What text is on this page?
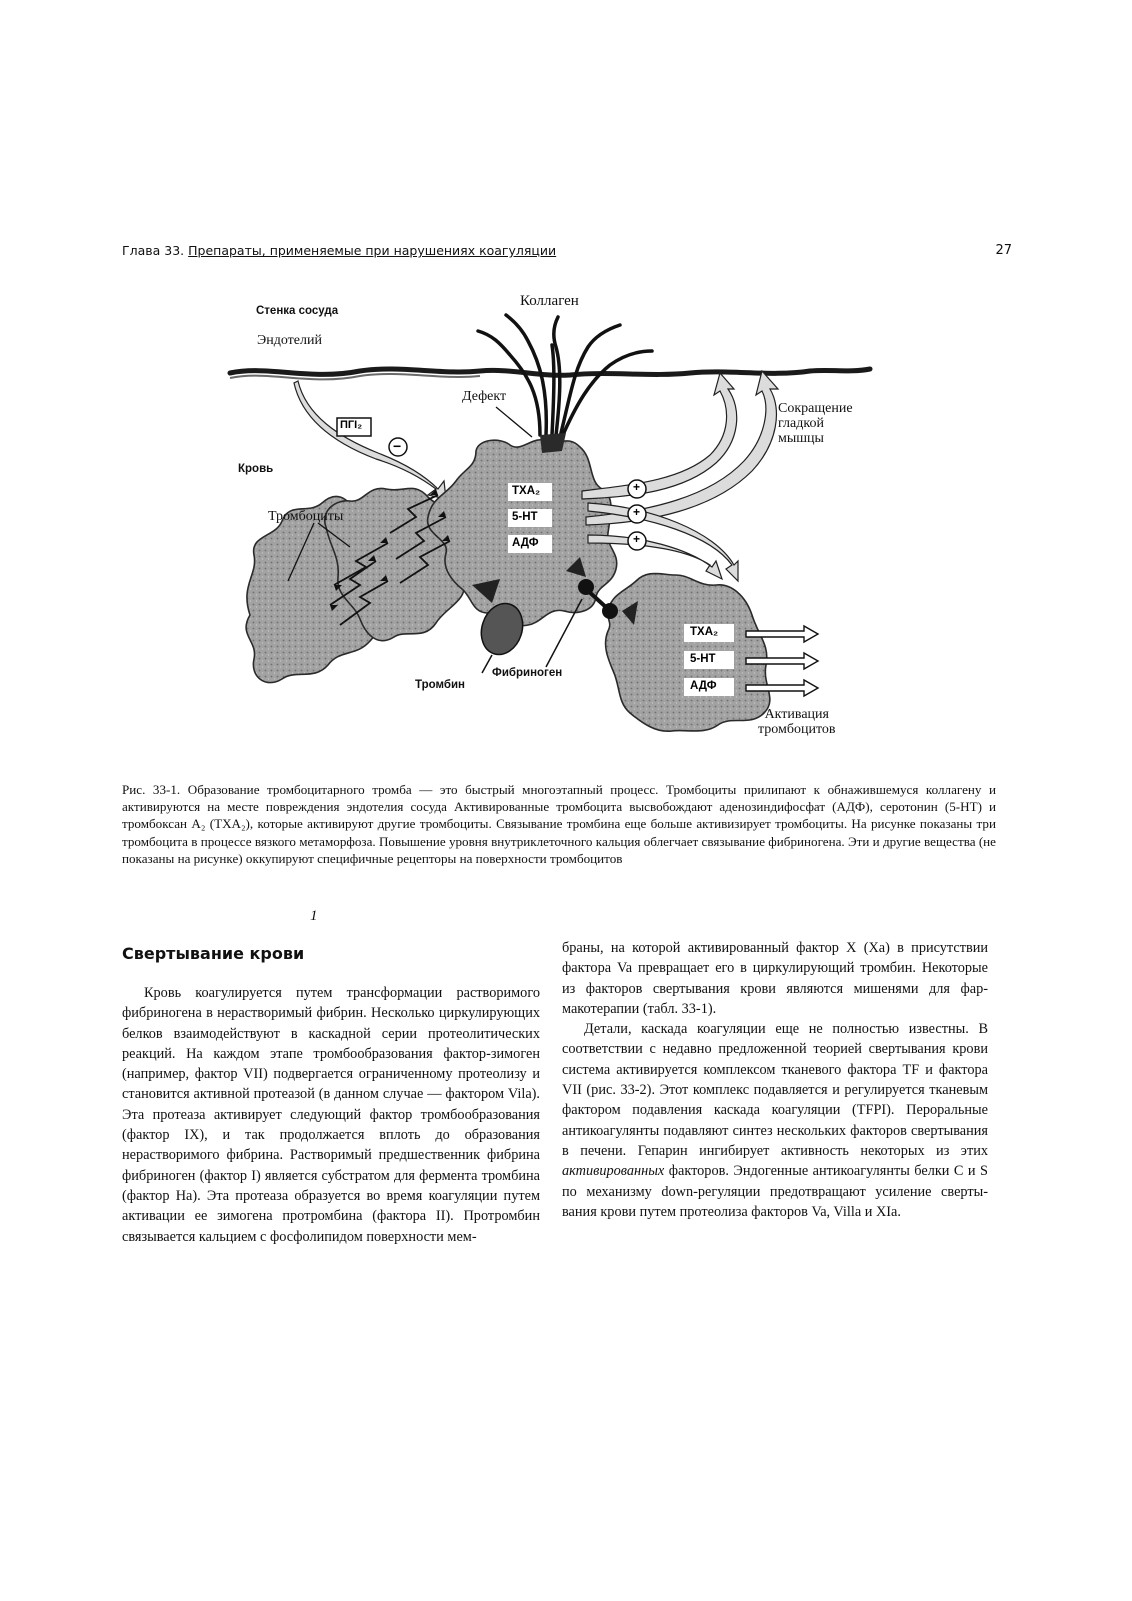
Глава 33. Препараты, применяемые при нарушениях коагуляции	27
Стенка сосуда
Коллаген
Эндотелий
Дефект
Сокращение
гладкой
мышцы
Кровь
Тромбоциты
Тромбин
Фибриноген
Активация
тромбоцитов
ПГI₂
−
+
+
+
TXA₂
5-HT
АДФ
TXA₂
5-HT
АДФ
Рис. 33-1. Образование тромбоцитарного тромба — это быстрый многоэтапный процесс. Тромбоциты прилипают к обнажившемуся коллагену и активируются на месте повреждения эндотелия сосуда Активированные тромбоцита высвобождают аденозиндифосфат (АДФ), серотонин (5-HT) и тромбоксан A₂ (TXA₂), которые активируют другие тромбоциты. Связывание тромбина еще больше активизирует тромбоциты. На рисунке показаны три тромбоцита в процессе вязкого метаморфоза. Повышение уровня внутриклеточного кальция облегчает связывание фибриногена. Эти и другие вещества (не показаны на рисунке) оккупируют специфичные рецепторы на поверхности тромбоцитов
1
Свертывание крови

Кровь коагулируется путем трансформации растворимого фибриногена в нерастворимый фибрин. Несколько циркулирующих белков взаимодействуют в каскадной серии протеолитических реакций. На каждом этапе тромбообразования фактор-зимоген (например, фактор VII) подвергается ограниченному протеолизу и становится активной протеазой (в данном случае — фактором Vila). Эта протеаза активирует следующий фактор тромбообразования (фактор IX), и так продолжается вплоть до образования нерастворимого фибрина. Растворимый предшественник фибрина фибриноген (фактор I) является субстратом для фермента тромбина (фактор Ha). Эта протеаза образуется во время коагуляции путем активации ее зимогена протромбина (фактора II). Протромбин связывается кальцием с фосфолипидом поверхности мем-

браны, на которой активированный фактор X (Xa) в присутствии фактора Va превращает его в циркулирующий тромбин. Некоторые из факторов свертывания крови являются мишенями для фармакотерапии (табл. 33-1).

Детали, каскада коагуляции еще не полностью известны. В соответствии с недавно предложенной теорией свертывания крови система активируется комплексом тканевого фактора TF и фактора VII (рис. 33-2). Этот комплекс подавляется и регулируется тканевым фактором подавления каскада коагуляции (TFPI). Пероральные антикоагулянты подавляют синтез нескольких факторов свертывания в печени. Гепарин ингибирует активность некоторых из этих активированных факторов. Эндогенные антикоагулянты белки C и S по механизму down-регуляции предотвращают усиление свертывания крови путем протеолиза факторов Va, Villa и XIa.
